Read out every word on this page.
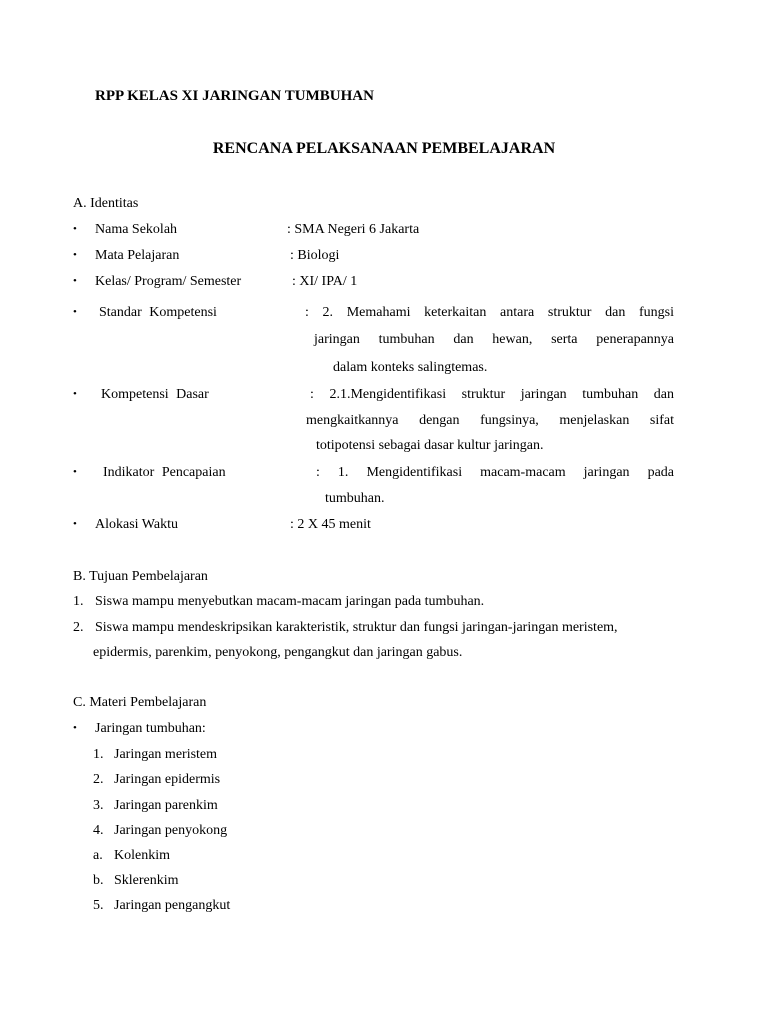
RPP KELAS XI JARINGAN TUMBUHAN
RENCANA PELAKSANAAN PEMBELAJARAN
A. Identitas
• Nama Sekolah	: SMA Negeri 6 Jakarta
• Mata Pelajaran	: Biologi
• Kelas/ Program/ Semester	: XI/ IPA/ 1
• Standar Kompetensi	: 2. Memahami keterkaitan antara struktur dan fungsi
jaringan tumbuhan dan hewan, serta penerapannya
dalam konteks salingtemas.
• Kompetensi Dasar	: 2.1.Mengidentifikasi struktur jaringan tumbuhan dan
mengkaitkannya dengan fungsinya, menjelaskan sifat
totipotensi sebagai dasar kultur jaringan.
• Indikator Pencapaian	: 1. Mengidentifikasi macam-macam jaringan pada
tumbuhan.
• Alokasi Waktu	: 2 X 45 menit
B. Tujuan Pembelajaran
1. Siswa mampu menyebutkan macam-macam jaringan pada tumbuhan.
2. Siswa mampu mendeskripsikan karakteristik, struktur dan fungsi jaringan-jaringan meristem,
epidermis, parenkim, penyokong, pengangkut dan jaringan gabus.
C. Materi Pembelajaran
• Jaringan tumbuhan:
1. Jaringan meristem
2. Jaringan epidermis
3. Jaringan parenkim
4. Jaringan penyokong
a. Kolenkim
b. Sklerenkim
5. Jaringan pengangkut
